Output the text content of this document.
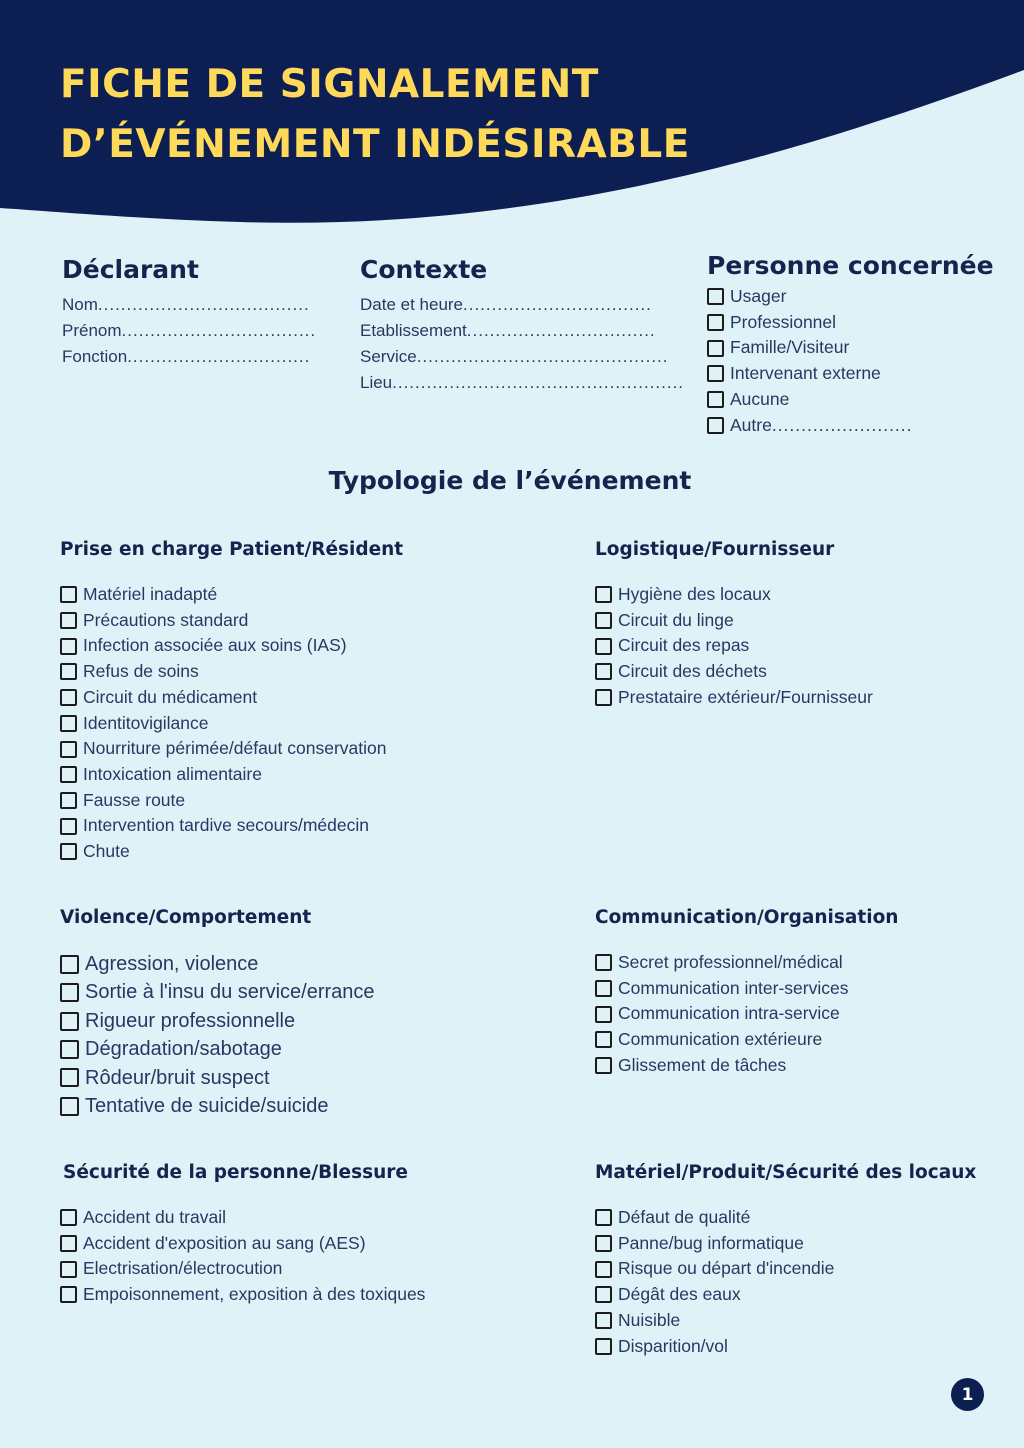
FICHE DE SIGNALEMENT
D’ÉVÉNEMENT INDÉSIRABLE
Déclarant
Nom.....................................
Prénom..................................
Fonction................................
Contexte
Date et heure.................................
Etablissement.................................
Service............................................
Lieu...................................................
Personne concernée
Usager
Professionnel
Famille/Visiteur
Intervenant externe
Aucune
Autre ........................
Typologie de l’événement
Prise en charge Patient/Résident
Matériel inadapté
Précautions standard
Infection associée aux soins (IAS)
Refus de soins
Circuit du médicament
Identitovigilance
Nourriture périmée/défaut conservation
Intoxication alimentaire
Fausse route
Intervention tardive secours/médecin
Chute
Logistique/Fournisseur
Hygiène des locaux
Circuit du linge
Circuit des repas
Circuit des déchets
Prestataire extérieur/Fournisseur
Violence/Comportement
Agression, violence
Sortie à l'insu du service/errance
Rigueur professionnelle
Dégradation/sabotage
Rôdeur/bruit suspect
Tentative de suicide/suicide
Communication/Organisation
Secret professionnel/médical
Communication inter-services
Communication intra-service
Communication extérieure
Glissement de tâches
Sécurité de la personne/Blessure
Accident du travail
Accident d'exposition au sang (AES)
Electrisation/électrocution
Empoisonnement, exposition à des toxiques
Matériel/Produit/Sécurité des locaux
Défaut de qualité
Panne/bug informatique
Risque ou départ d'incendie
Dégât des eaux
Nuisible
Disparition/vol
1
